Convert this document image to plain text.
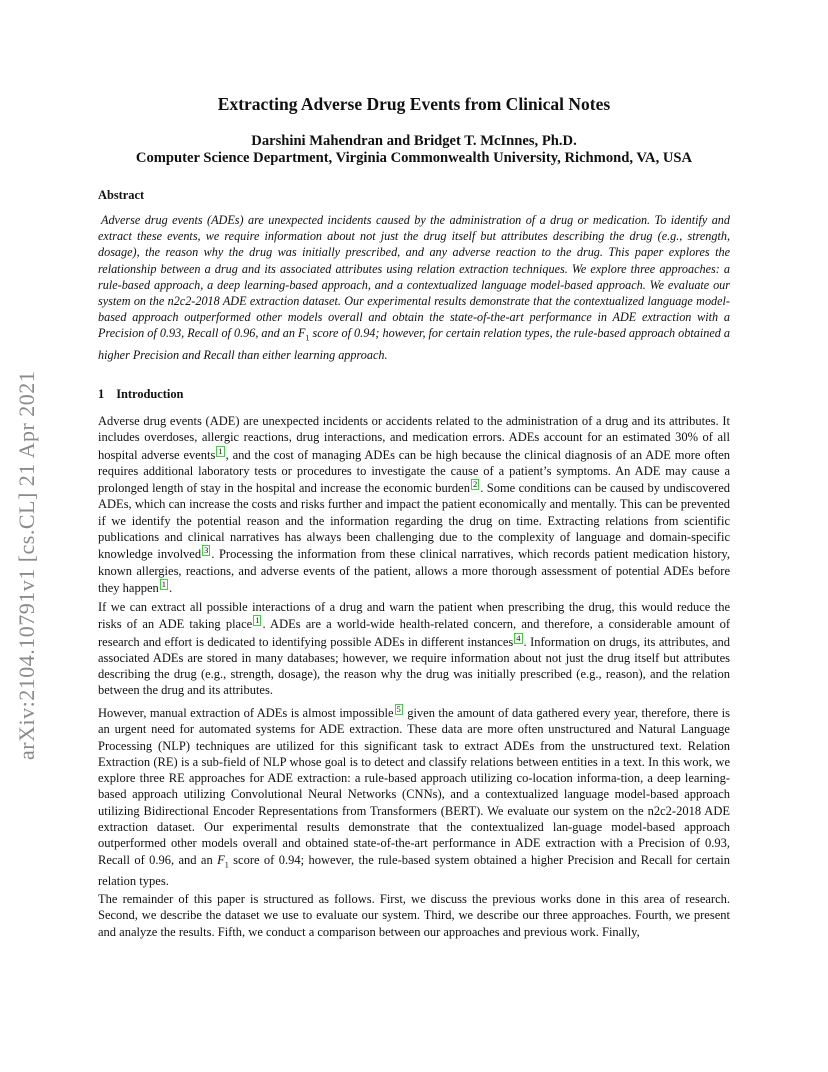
arXiv:2104.10791v1 [cs.CL] 21 Apr 2021
Extracting Adverse Drug Events from Clinical Notes
Darshini Mahendran and Bridget T. McInnes, Ph.D.
Computer Science Department, Virginia Commonwealth University, Richmond, VA, USA
Abstract

Adverse drug events (ADEs) are unexpected incidents caused by the administration of a drug or medication. To identify and extract these events, we require information about not just the drug itself but attributes describing the drug (e.g., strength, dosage), the reason why the drug was initially prescribed, and any adverse reaction to the drug. This paper explores the relationship between a drug and its associated attributes using relation extraction techniques. We explore three approaches: a rule-based approach, a deep learning-based approach, and a contextualized language model-based approach. We evaluate our system on the n2c2-2018 ADE extraction dataset. Our experimental results demonstrate that the contextualized language model-based approach outperformed other models overall and obtain the state-of-the-art performance in ADE extraction with a Precision of 0.93, Recall of 0.96, and an $F_1$ score of 0.94; however, for certain relation types, the rule-based approach obtained a higher Precision and Recall than either learning approach.

1 Introduction

Adverse drug events (ADE) are unexpected incidents or accidents related to the administration of a drug and its attributes. It includes overdoses, allergic reactions, drug interactions, and medication errors. ADEs account for an estimated 30% of all hospital adverse events 1 , and the cost of managing ADEs can be high because the clinical diagnosis of an ADE more often requires additional laboratory tests or procedures to investigate the cause of a patient’s symptoms. An ADE may cause a prolonged length of stay in the hospital and increase the economic burden 2 . Some conditions can be caused by undiscovered ADEs, which can increase the costs and risks further and impact the patient economically and mentally. This can be prevented if we identify the potential reason and the information regarding the drug on time. Extracting relations from scientific publications and clinical narratives has always been challenging due to the complexity of language and domain-specific knowledge involved 3 . Processing the information from these clinical narratives, which records patient medication history, known allergies, reactions, and adverse events of the patient, allows a more thorough assessment of potential ADEs before they happen 1 .

If we can extract all possible interactions of a drug and warn the patient when prescribing the drug, this would reduce the risks of an ADE taking place 1 . ADEs are a world-wide health-related concern, and therefore, a considerable amount of research and effort is dedicated to identifying possible ADEs in different instances 4 . Information on drugs, its attributes, and associated ADEs are stored in many databases; however, we require information about not just the drug itself but attributes describing the drug (e.g., strength, dosage), the reason why the drug was initially prescribed (e.g., reason), and the relation between the drug and its attributes.

However, manual extraction of ADEs is almost impossible 5 given the amount of data gathered every year, therefore, there is an urgent need for automated systems for ADE extraction. These data are more often unstructured and Natural Language Processing (NLP) techniques are utilized for this significant task to extract ADEs from the unstructured text. Relation Extraction (RE) is a sub-field of NLP whose goal is to detect and classify relations between entities in a text. In this work, we explore three RE approaches for ADE extraction: a rule-based approach utilizing co-location informa-tion, a deep learning-based approach utilizing Convolutional Neural Networks (CNNs), and a contextualized language model-based approach utilizing Bidirectional Encoder Representations from Transformers (BERT). We evaluate our system on the n2c2-2018 ADE extraction dataset. Our experimental results demonstrate that the contextualized lan-guage model-based approach outperformed other models overall and obtained state-of-the-art performance in ADE extraction with a Precision of 0.93, Recall of 0.96, and an $F_1$ score of 0.94; however, the rule-based system obtained a higher Precision and Recall for certain relation types.

The remainder of this paper is structured as follows. First, we discuss the previous works done in this area of research. Second, we describe the dataset we use to evaluate our system. Third, we describe our three approaches. Fourth, we present and analyze the results. Fifth, we conduct a comparison between our approaches and previous work. Finally,
